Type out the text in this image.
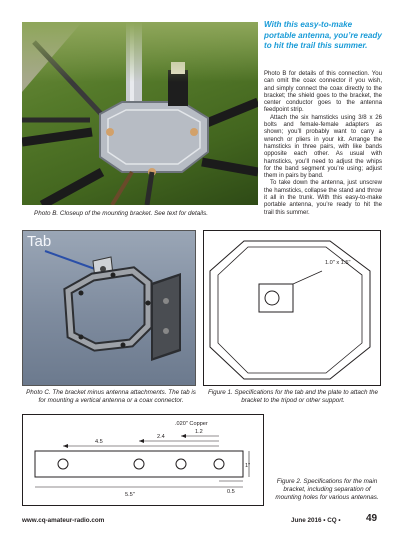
Photo B. Closeup of the mounting bracket. See text for details.
With this easy-to-make portable antenna, you’re ready to hit the trail this summer.

Photo B for details of this connection. You can omit the coax connector if you wish, and simply connect the coax directly to the bracket; the shield goes to the bracket, the center conductor goes to the antenna feedpoint strip.

Attach the six hamsticks using 3/8 x 26 bolts and female-female adapters as shown; you’ll probably want to carry a wrench or pliers in your kit. Arrange the hamsticks in three pairs, with like bands opposite each other. As usual with hamsticks, you’ll need to adjust the whips for the band segment you’re using; adjust them in pairs by band.

To take down the antenna, just unscrew the hamsticks, collapse the stand and throw it all in the trunk. With this easy-to-make portable antenna, you’re ready to hit the trail this summer.

Tab
Photo C. The bracket minus antenna attachments. The tab is for mounting a vertical antenna or a coax connector.
1.0" x 1.5"
Figure 1. Specifications for the tab and the plate to attach the bracket to the tripod or other support.
.020" Copper
1.2
2.4
4.5
1"
5.5"	0.5
Figure 2. Specifications for the main bracket, including separation of mounting holes for various antennas.
www.cq-amateur-radio.com	June 2016 • CQ •	49
